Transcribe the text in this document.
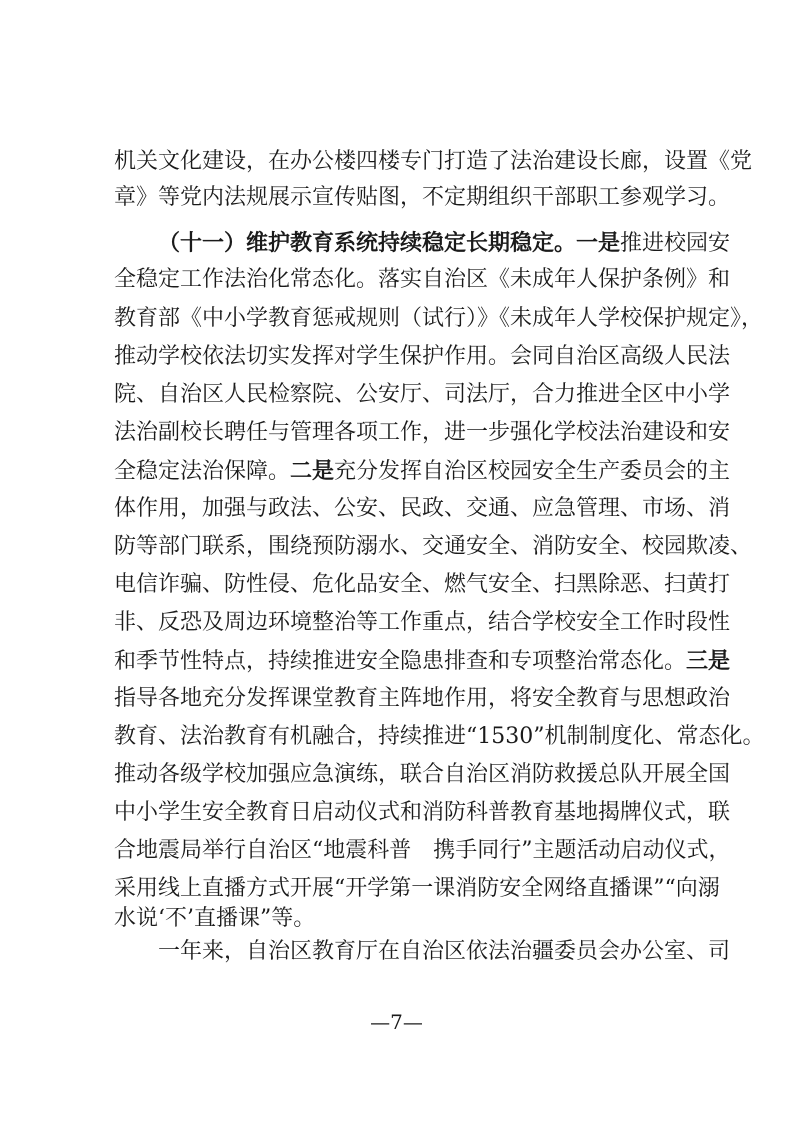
机关文化建设，在办公楼四楼专门打造了法治建设长廊，设置《党
章》等党内法规展示宣传贴图，不定期组织干部职工参观学习。
（十一）维护教育系统持续稳定长期稳定。一是推进校园安
全稳定工作法治化常态化。落实自治区《未成年人保护条例》和
教育部《中小学教育惩戒规则（试行）》《未成年人学校保护规定》，
推动学校依法切实发挥对学生保护作用。会同自治区高级人民法
院、自治区人民检察院、公安厅、司法厅，合力推进全区中小学
法治副校长聘任与管理各项工作，进一步强化学校法治建设和安
全稳定法治保障。二是充分发挥自治区校园安全生产委员会的主
体作用，加强与政法、公安、民政、交通、应急管理、市场、消
防等部门联系，围绕预防溺水、交通安全、消防安全、校园欺凌、
电信诈骗、防性侵、危化品安全、燃气安全、扫黑除恶、扫黄打
非、反恐及周边环境整治等工作重点，结合学校安全工作时段性
和季节性特点，持续推进安全隐患排查和专项整治常态化。三是
指导各地充分发挥课堂教育主阵地作用，将安全教育与思想政治
教育、法治教育有机融合，持续推进“1530”机制制度化、常态化。
推动各级学校加强应急演练，联合自治区消防救援总队开展全国
中小学生安全教育日启动仪式和消防科普教育基地揭牌仪式，联
合地震局举行自治区“地震科普　携手同行”主题活动启动仪式，
采用线上直播方式开展“开学第一课消防安全网络直播课”“向溺
水说‘不’直播课”等。
一年来，自治区教育厅在自治区依法治疆委员会办公室、司
—7—
